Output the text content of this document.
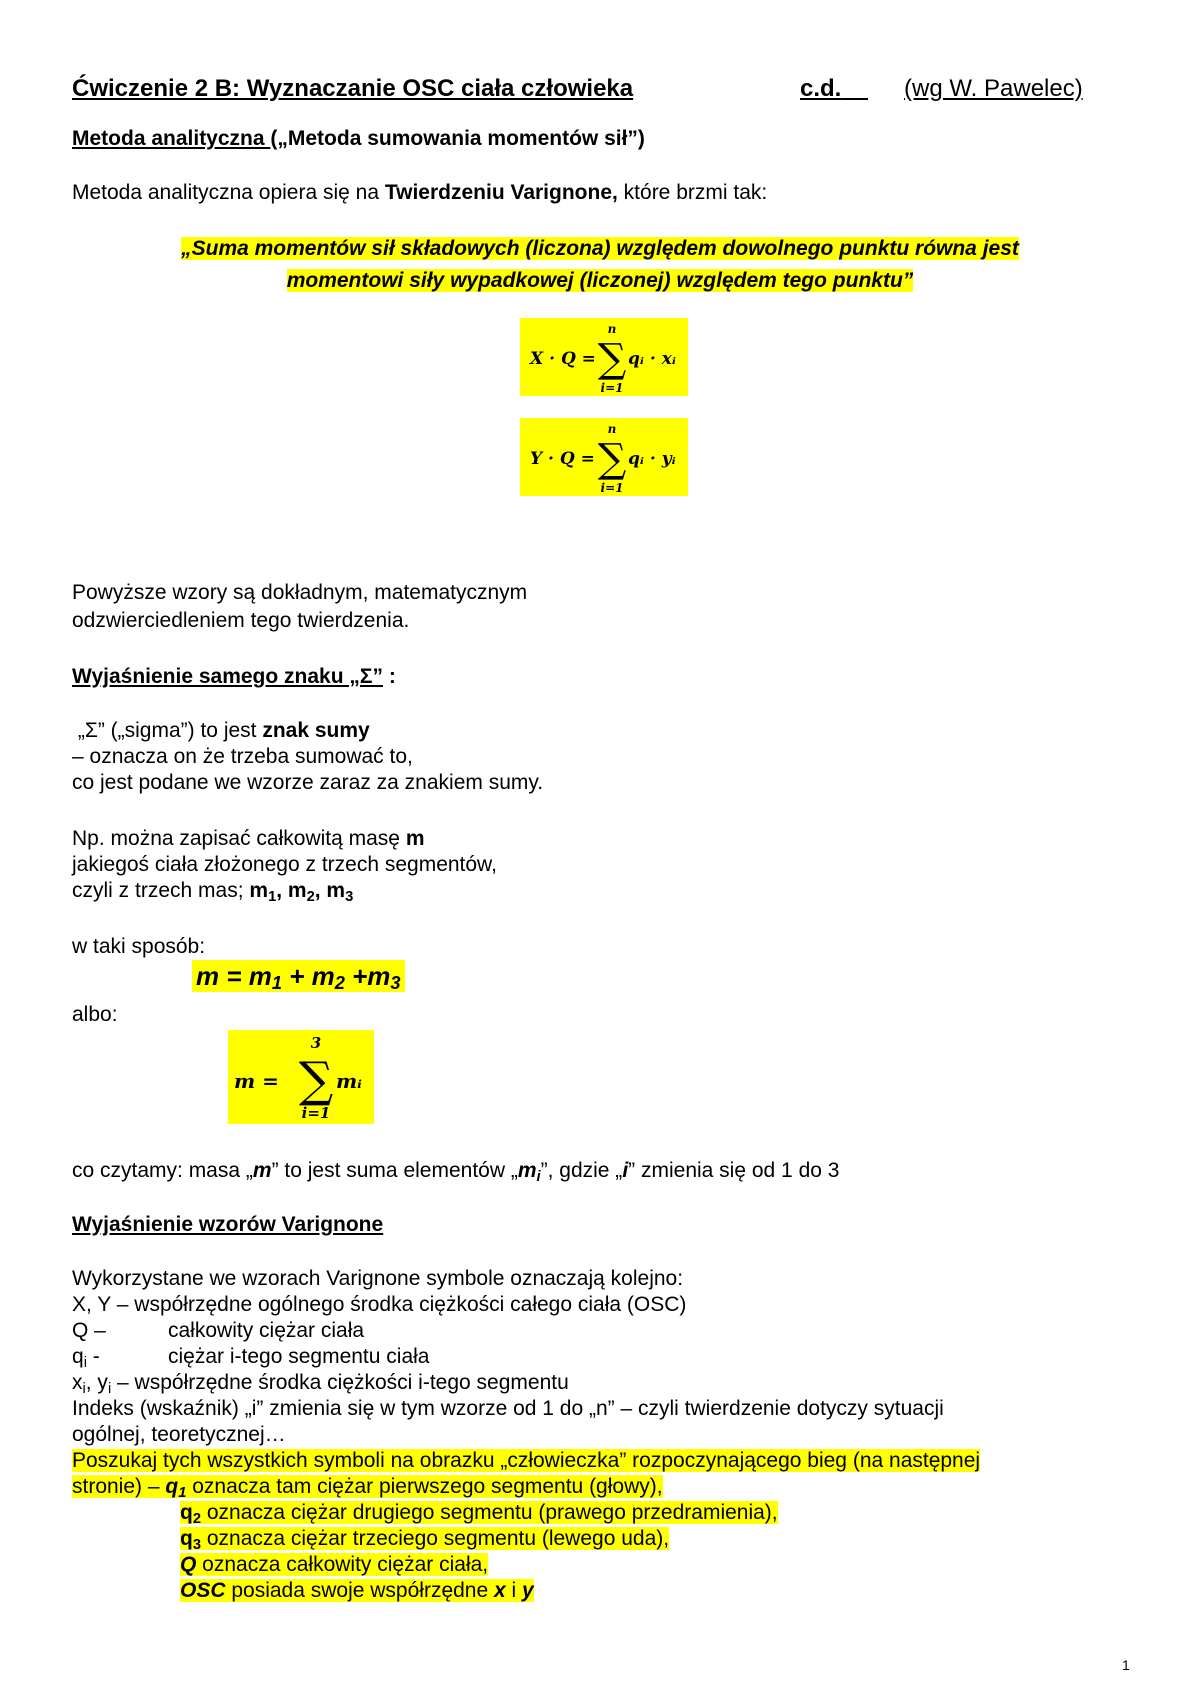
Ćwiczenie 2 B: Wyznaczanie OSC ciała człowieka	c.d.	(wg W. Pawelec)
Metoda analityczna („Metoda sumowania momentów sił”)
Metoda analityczna opiera się na Twierdzeniu Varignone, które brzmi tak:
„Suma momentów sił składowych (liczona) względem dowolnego punktu równa jest
momentowi siły wypadkowej (liczonej) względem tego punktu”
X · Q =
n
∑
i=1
qᵢ · xᵢ
Y · Q =
n
∑
i=1
qᵢ · yᵢ
Powyższe wzory są dokładnym, matematycznym
odzwierciedleniem tego twierdzenia.
Wyjaśnienie samego znaku „Σ” :
„Σ” („sigma”) to jest znak sumy
– oznacza on że trzeba sumować to,
co jest podane we wzorze zaraz za znakiem sumy.
Np. można zapisać całkowitą masę m
jakiegoś ciała złożonego z trzech segmentów,
czyli z trzech mas; $m_1$, $m_2$, $m_3$
w taki sposób:
$m = m_1 + m_2 +m_3$
albo:
m =
3
∑
i=1
mᵢ
co czytamy: masa „m” to jest suma elementów $„m_i$”, gdzie „i” zmienia się od 1 do 3
Wyjaśnienie wzorów Varignone
Wykorzystane we wzorach Varignone symbole oznaczają kolejno:
X, Y – współrzędne ogólnego środka ciężkości całego ciała (OSC)
Q –	całkowity ciężar ciała
$q_i$ -	ciężar i-tego segmentu ciała
$x_i$, $y_i$ – współrzędne środka ciężkości i-tego segmentu
Indeks (wskaźnik) „i” zmienia się w tym wzorze od 1 do „n” – czyli twierdzenie dotyczy sytuacji
ogólnej, teoretycznej…
Poszukaj tych wszystkich symboli na obrazku „człowieczka” rozpoczynającego bieg (na następnej
stronie) – $q_1$ oznacza tam ciężar pierwszego segmentu (głowy),
$q_2$ oznacza ciężar drugiego segmentu (prawego przedramienia),
$q_3$ oznacza ciężar trzeciego segmentu (lewego uda),
Q oznacza całkowity ciężar ciała,
OSC posiada swoje współrzędne x i y
1
